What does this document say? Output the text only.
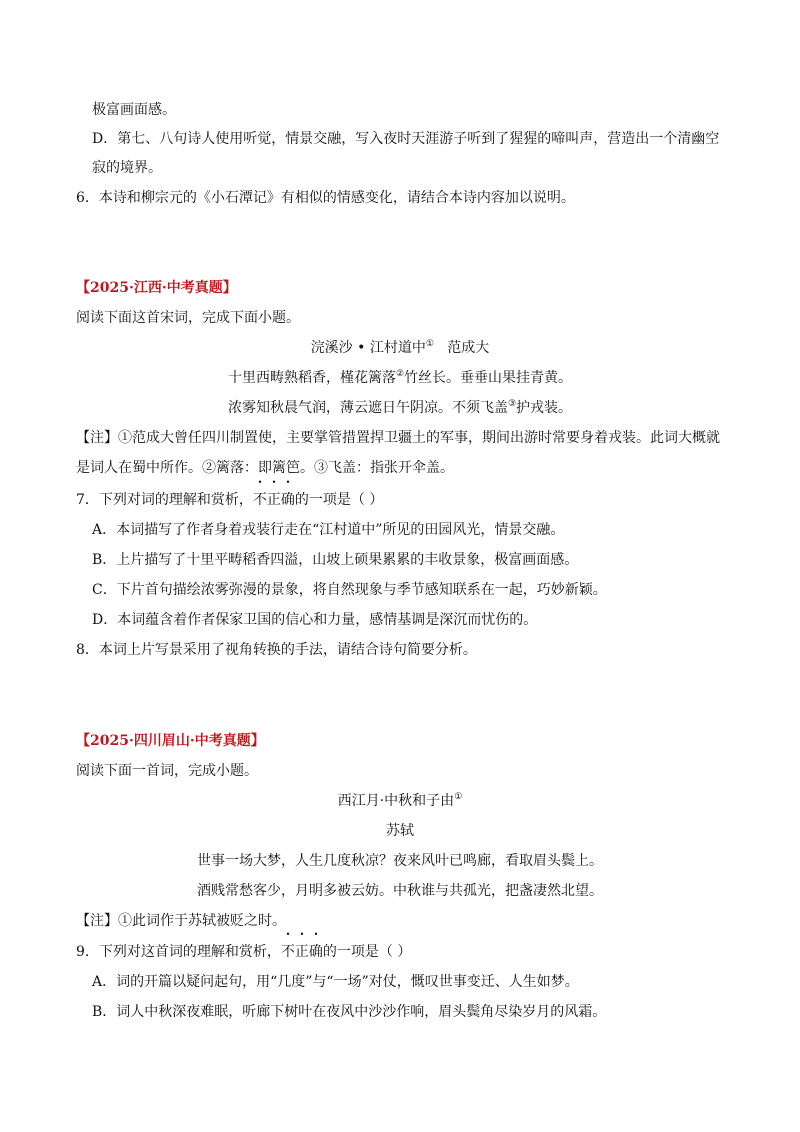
极富画面感。
D．第七、八句诗人使用听觉，情景交融，写入夜时天涯游子听到了猩猩的啼叫声，营造出一个清幽空
寂的境界。
6．本诗和柳宗元的《小石潭记》有相似的情感变化，请结合本诗内容加以说明。
【2025·江西·中考真题】
阅读下面这首宋词，完成下面小题。
浣溪沙 • 江村道中① 范成大
十里西畴熟稻香，槿花篱落②竹丝长。垂垂山果挂青黄。
浓雾知秋晨气润，薄云遮日午阴凉。不须飞盖③护戎装。
【注】①范成大曾任四川制置使，主要掌管措置捍卫疆土的军事，期间出游时常要身着戎装。此词大概就
是词人在蜀中所作。②篱落：即篱笆。③飞盖：指张开伞盖。
7．下列对词的理解和赏析，不正确的一项是（ ）
A．本词描写了作者身着戎装行走在“江村道中”所见的田园风光，情景交融。
B．上片描写了十里平畴稻香四溢，山坡上硕果累累的丰收景象，极富画面感。
C．下片首句描绘浓雾弥漫的景象，将自然现象与季节感知联系在一起，巧妙新颖。
D．本词蕴含着作者保家卫国的信心和力量，感情基调是深沉而忧伤的。
8．本词上片写景采用了视角转换的手法，请结合诗句简要分析。
【2025·四川眉山·中考真题】
阅读下面一首词，完成小题。
西江月·中秋和子由①
苏轼
世事一场大梦，人生几度秋凉？夜来风叶已鸣廊，看取眉头鬓上。
酒贱常愁客少，月明多被云妨。中秋谁与共孤光，把盏凄然北望。
【注】①此词作于苏轼被贬之时。
9．下列对这首词的理解和赏析，不正确的一项是（ ）
A．词的开篇以疑问起句，用“几度”与“一场”对仗，慨叹世事变迁、人生如梦。
B．词人中秋深夜难眠，听廊下树叶在夜风中沙沙作响，眉头鬓角尽染岁月的风霜。
